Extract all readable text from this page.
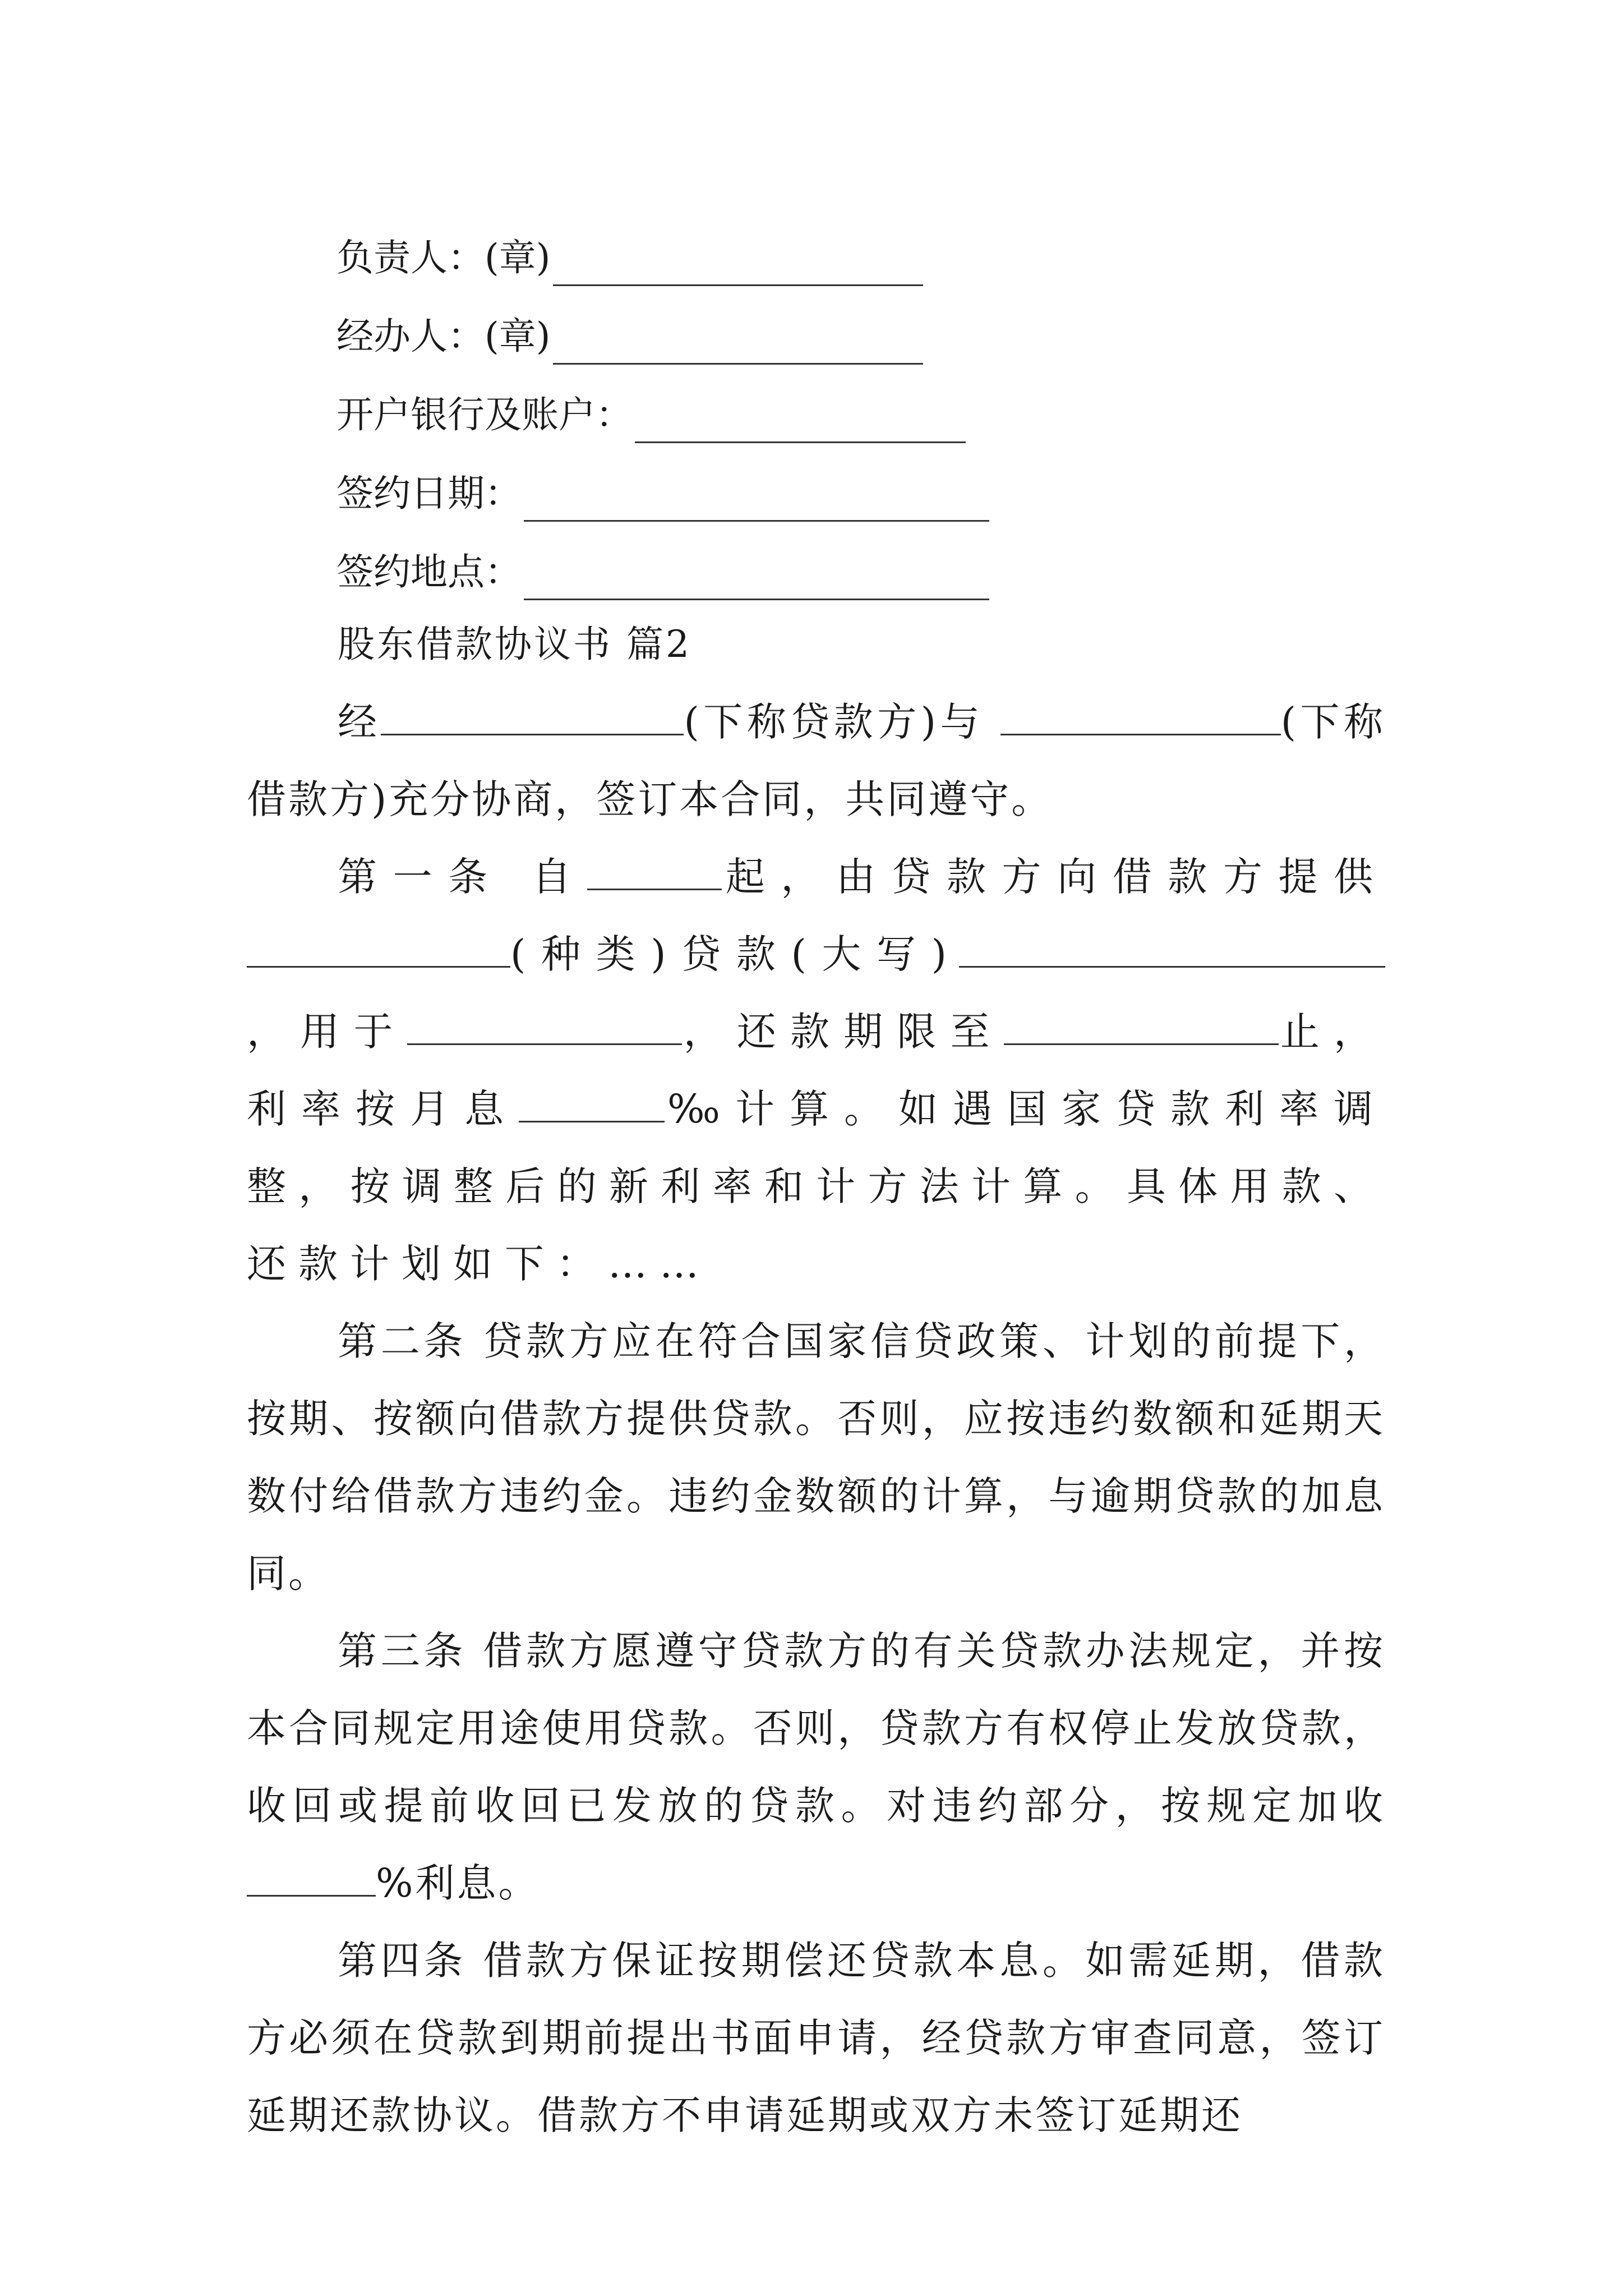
负责人：(章)
经办人：(章)
开户银行及账户：
签约日期：
签约地点：

股东借款协议书 篇2

经	(下称贷款方)与	(下称借款方)充分协商，签订本合同，共同遵守。

第一条 自	起，由贷款方向借款方提供(种类)贷款(大写)，用于	，还款期限至	止，利率按月息	‰计算。如遇国家贷款利率调整，按调整后的新利率和计方法计算。具体用款、还款计划如下：……

第二条 贷款方应在符合国家信贷政策、计划的前提下，按期、按额向借款方提供贷款。否则，应按违约数额和延期天数付给借款方违约金。违约金数额的计算，与逾期贷款的加息同。

第三条 借款方愿遵守贷款方的有关贷款办法规定，并按本合同规定用途使用贷款。否则，贷款方有权停止发放贷款，收回或提前收回已发放的贷款。对违约部分，按规定加收%利息。

第四条 借款方保证按期偿还贷款本息。如需延期，借款方必须在贷款到期前提出书面申请，经贷款方审查同意，签订延期还款协议。借款方不申请延期或双方未签订延期还
